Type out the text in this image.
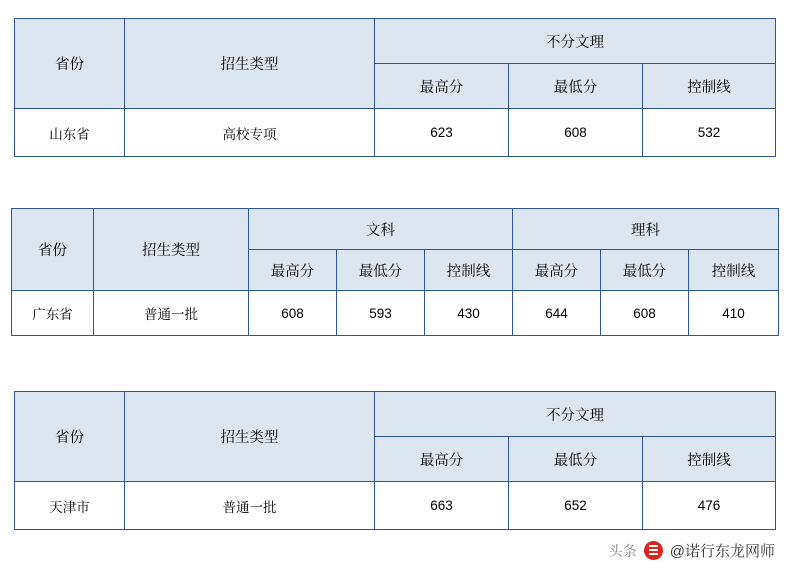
省份	招生类型	不分文理		
		最高分	最低分	控制线
山东省	高校专项	623	608	532
省份	招生类型	文科			理科		
		最高分	最低分	控制线	最高分	最低分	控制线
广东省	普通一批	608	593	430	644	608	410
省份	招生类型	不分文理		
		最高分	最低分	控制线
天津市	普通一批	663	652	476
头条 @诺行东龙网师
